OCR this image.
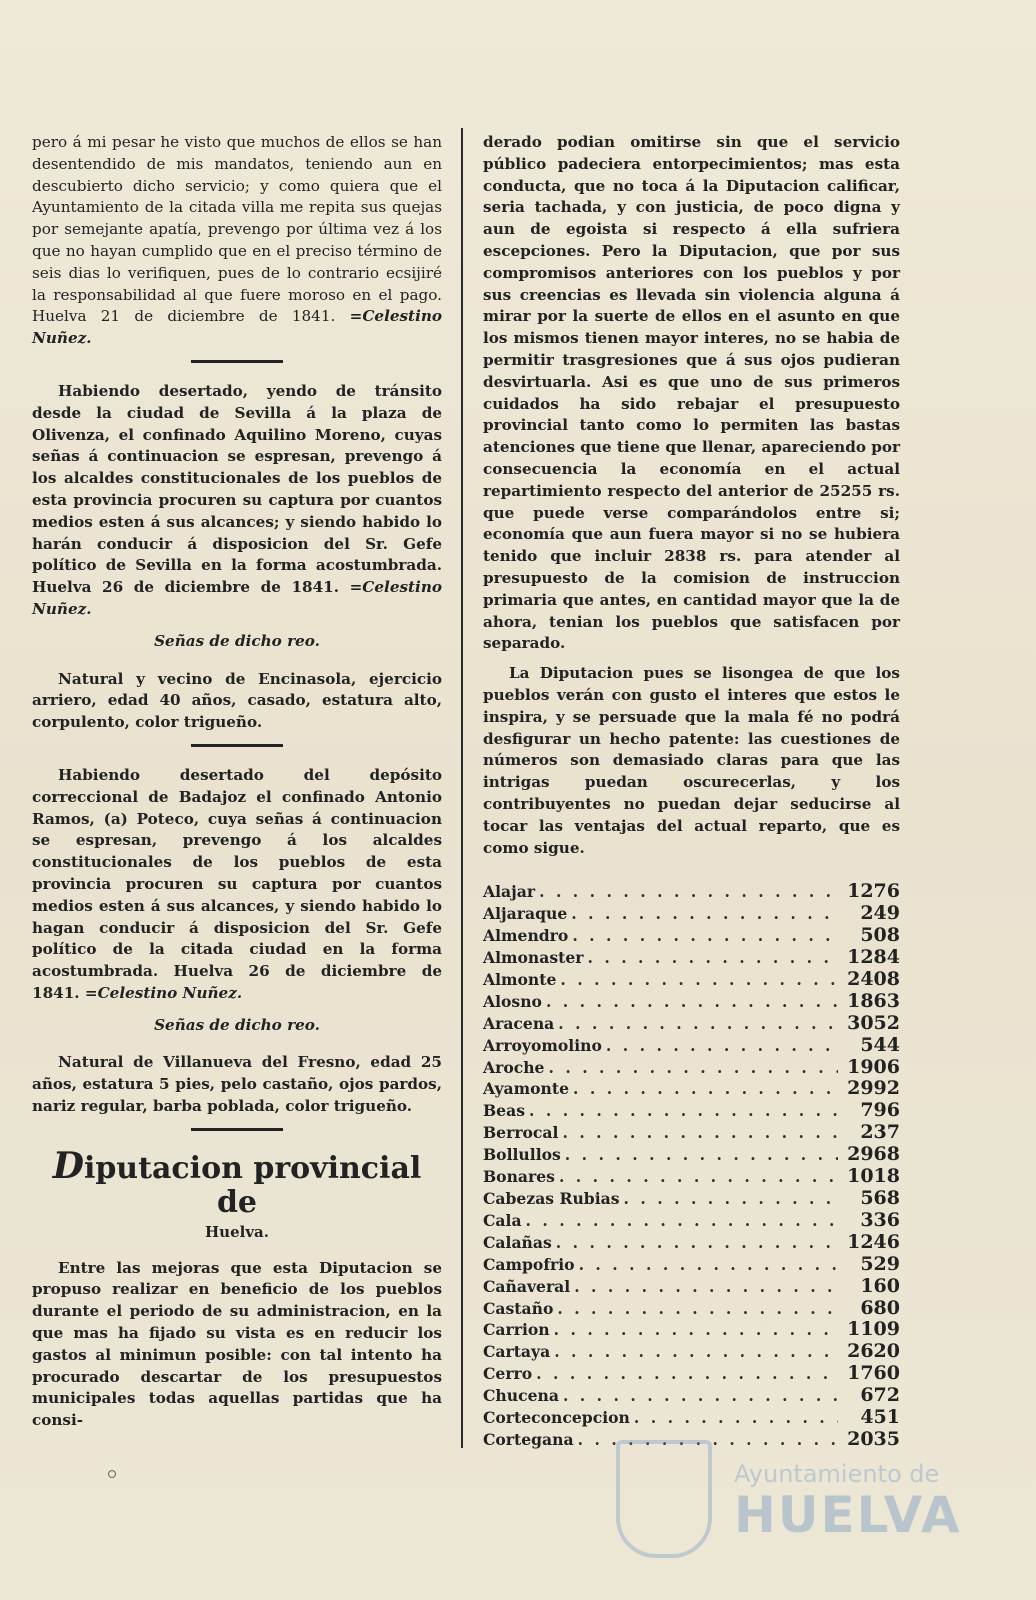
pero á mi pesar he visto que muchos de ellos se han desentendido de mis mandatos, teniendo aun en descubierto dicho servicio; y como quiera que el Ayuntamiento de la citada villa me repita sus quejas por semejante apatía, prevengo por última vez á los que no hayan cumplido que en el preciso término de seis dias lo verifiquen, pues de lo contrario ecsijiré la responsabilidad al que fuere moroso en el pago. Huelva 21 de diciembre de 1841. =Celestino Nuñez.

Habiendo desertado, yendo de tránsito desde la ciudad de Sevilla á la plaza de Olivenza, el confinado Aquilino Moreno, cuyas señas á continuacion se espresan, prevengo á los alcaldes constitucionales de los pueblos de esta provincia procuren su captura por cuantos medios esten á sus alcances; y siendo habido lo harán conducir á disposicion del Sr. Gefe político de Sevilla en la forma acostumbrada. Huelva 26 de diciembre de 1841. =Celestino Nuñez.

Señas de dicho reo.

Natural y vecino de Encinasola, ejercicio arriero, edad 40 años, casado, estatura alto, corpulento, color trigueño.

Habiendo desertado del depósito correccional de Badajoz el confinado Antonio Ramos, (a) Poteco, cuya señas á continuacion se espresan, prevengo á los alcaldes constitucionales de los pueblos de esta provincia procuren su captura por cuantos medios esten á sus alcances, y siendo habido lo hagan conducir á disposicion del Sr. Gefe político de la citada ciudad en la forma acostumbrada. Huelva 26 de diciembre de 1841. =Celestino Nuñez.

Señas de dicho reo.

Natural de Villanueva del Fresno, edad 25 años, estatura 5 pies, pelo castaño, ojos pardos, nariz regular, barba poblada, color trigueño.

Diputacion provincial de
Huelva.

Entre las mejoras que esta Diputacion se propuso realizar en beneficio de los pueblos durante el periodo de su administracion, en la que mas ha fijado su vista es en reducir los gastos al minimun posible: con tal intento ha procurado descartar de los presupuestos municipales todas aquellas partidas que ha consi-

derado podian omitirse sin que el servicio público padeciera entorpecimientos; mas esta conducta, que no toca á la Diputacion calificar, seria tachada, y con justicia, de poco digna y aun de egoista si respecto á ella sufriera escepciones. Pero la Diputacion, que por sus compromisos anteriores con los pueblos y por sus creencias es llevada sin violencia alguna á mirar por la suerte de ellos en el asunto en que los mismos tienen mayor interes, no se habia de permitir trasgresiones que á sus ojos pudieran desvirtuarla. Asi es que uno de sus primeros cuidados ha sido rebajar el presupuesto provincial tanto como lo permiten las bastas atenciones que tiene que llenar, apareciendo por consecuencia la economía en el actual repartimiento respecto del anterior de 25255 rs. que puede verse comparándolos entre si; economía que aun fuera mayor si no se hubiera tenido que incluir 2838 rs. para atender al presupuesto de la comision de instruccion primaria que antes, en cantidad mayor que la de ahora, tenian los pueblos que satisfacen por separado.

La Diputacion pues se lisongea de que los pueblos verán con gusto el interes que estos le inspira, y se persuade que la mala fé no podrá desfigurar un hecho patente: las cuestiones de números son demasiado claras para que las intrigas puedan oscurecerlas, y los contribuyentes no puedan dejar seducirse al tocar las ventajas del actual reparto, que es como sigue.

Alajar . . .	1276
Aljaraque . . .	249
Almendro . . .	508
Almonaster . . .	1284
Almonte . . .	2408
Alosno . . .	1863
Aracena . . .	3052
Arroyomolino . . .	544
Aroche . . .	1906
Ayamonte . . .	2992
Beas . . .	796
Berrocal . . .	237
Bollullos . . .	2968
Bonares . . .	1018
Cabezas Rubias . . .	568
Cala . . .	336
Calañas . . .	1246
Campofrio . . .	529
Cañaveral . . .	160
Castaño . . .	680
Carrion . . .	1109
Cartaya . . .	2620
Cerro . . .	1760
Chucena . . .	672
Corteconcepcion . . .	451
Cortegana . . .	2035
Ayuntamiento de
HUELVA
